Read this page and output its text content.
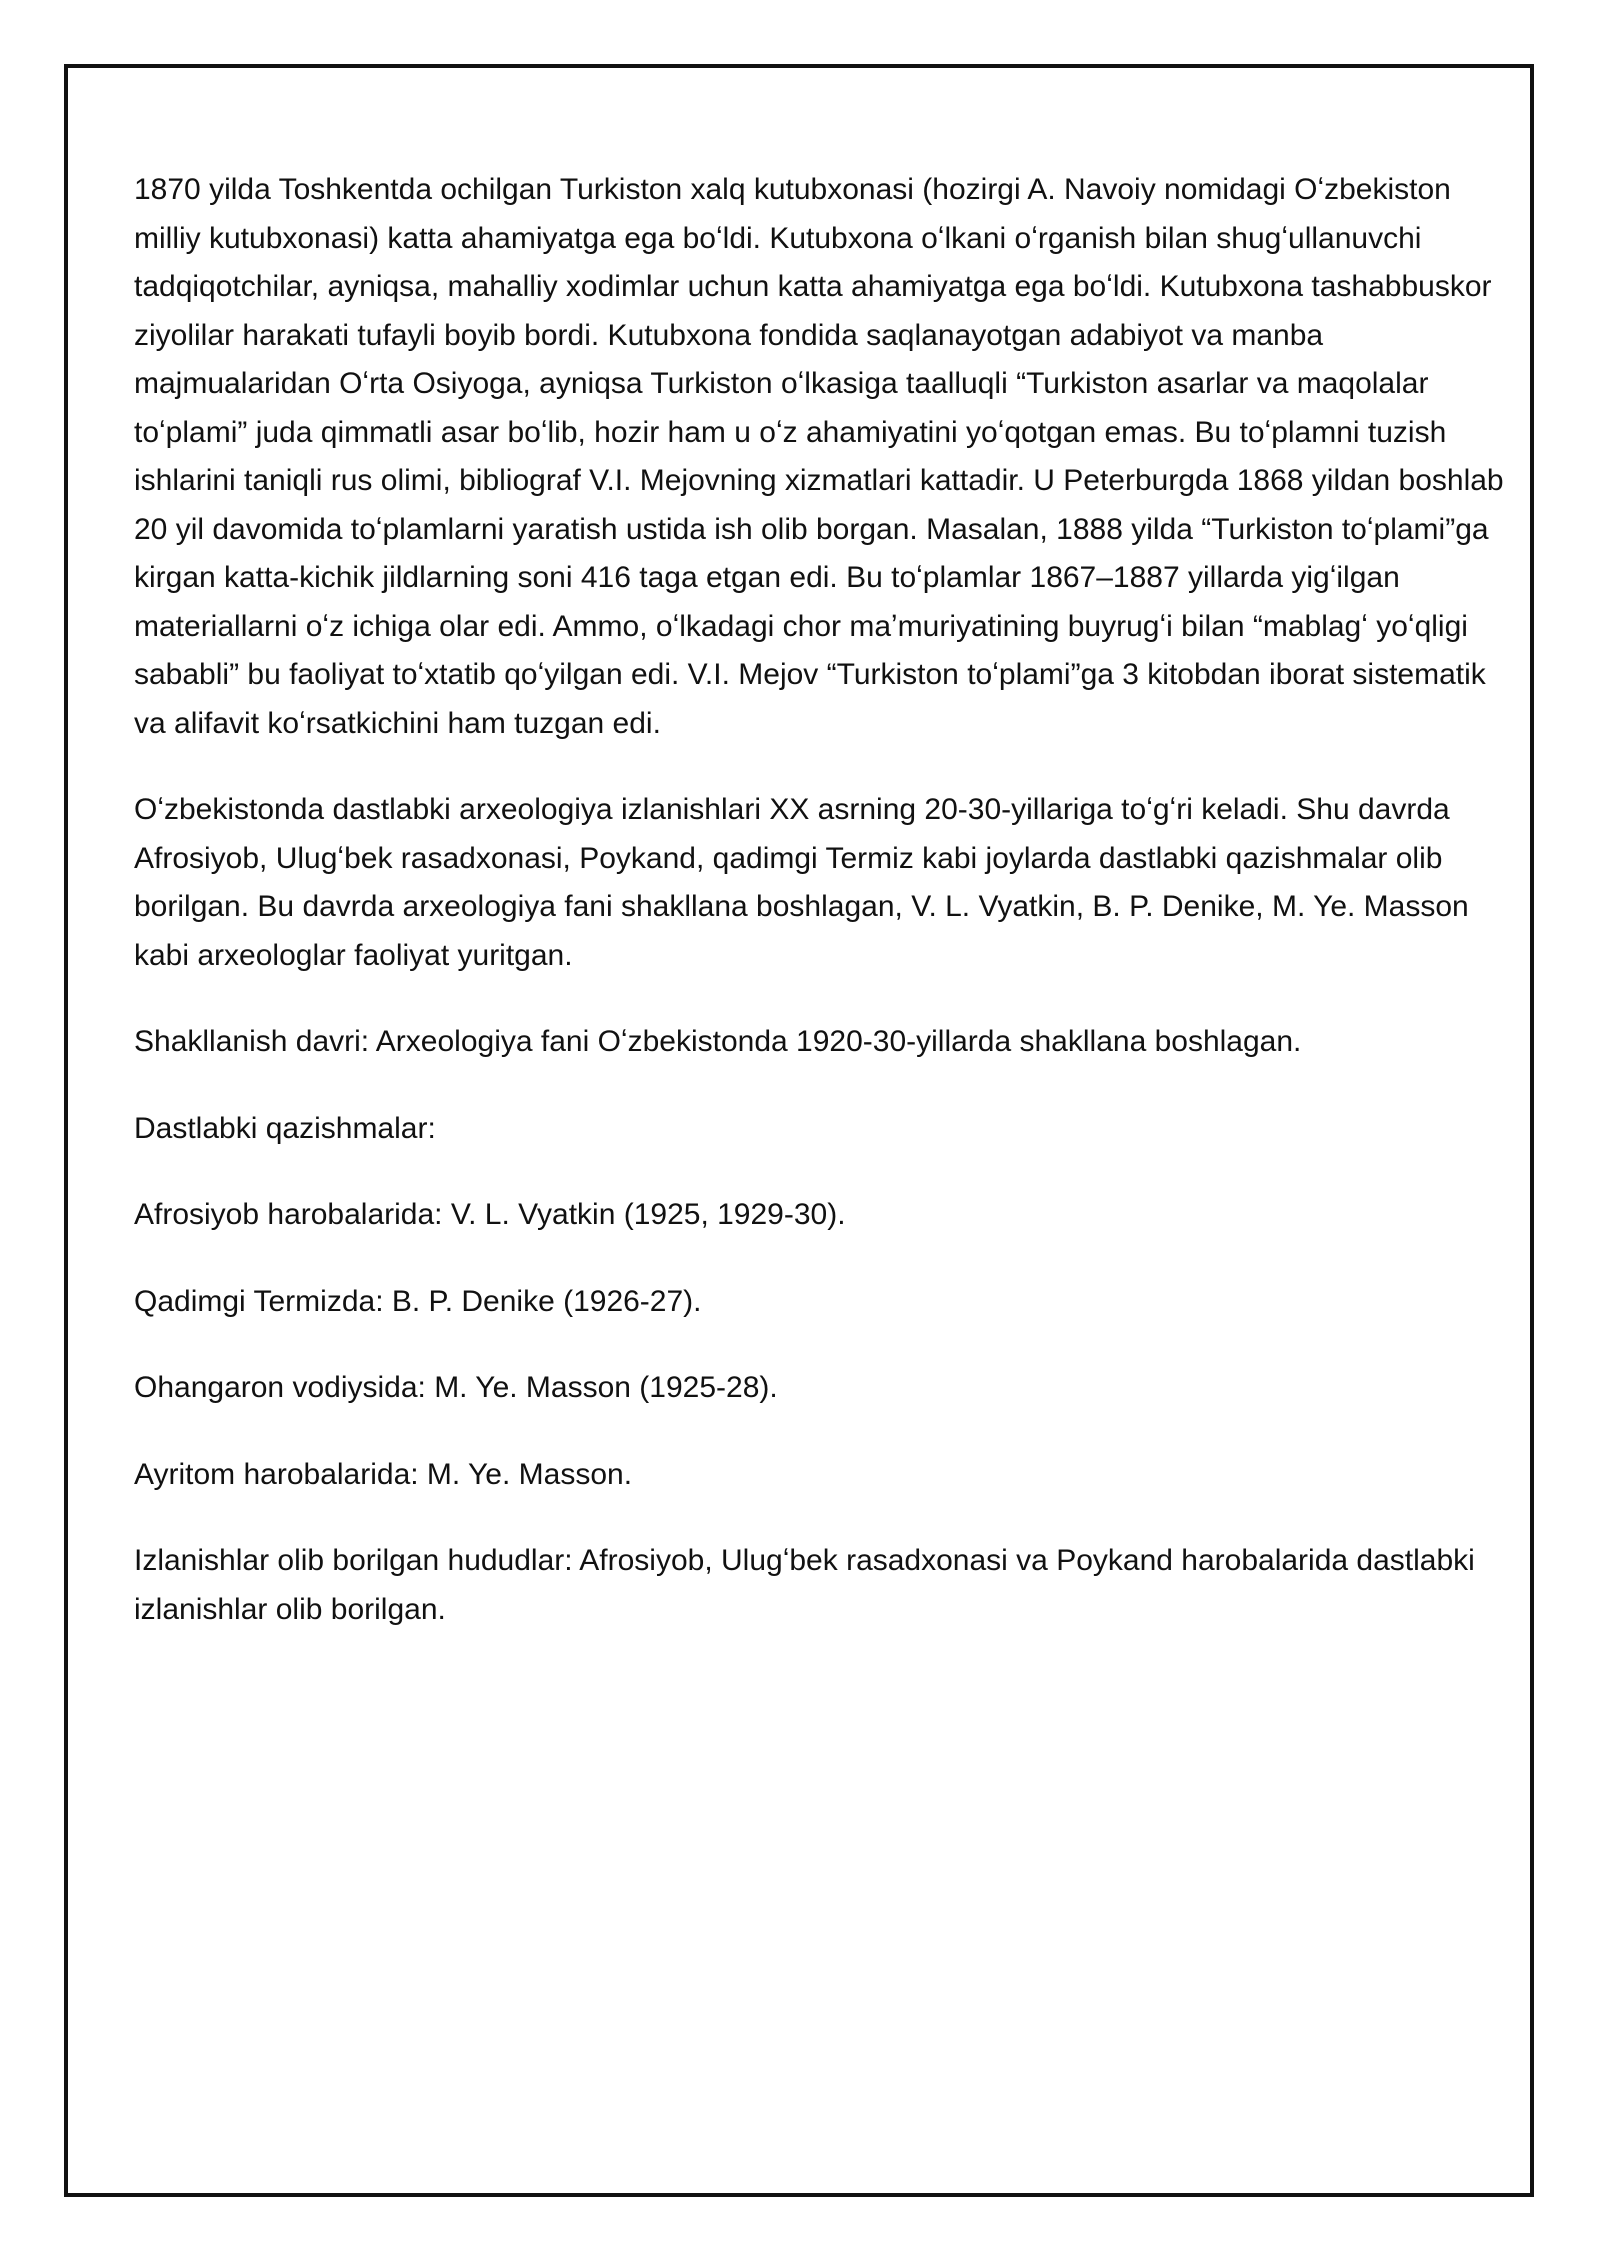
1870 yilda Toshkentda ochilgan Turkiston xalq kutubxonasi (hozirgi A. Navoiy nomidagi Oʻzbekiston milliy kutubxonasi) katta ahamiyatga ega boʻldi. Kutubxona oʻlkani oʻrganish bilan shugʻullanuvchi tadqiqotchilar, ayniqsa, mahalliy xodimlar uchun katta ahamiyatga ega boʻldi. Kutubxona tashabbuskor ziyolilar harakati tufayli boyib bordi. Kutubxona fondida saqlanayotgan adabiyot va manba majmualaridan Oʻrta Osiyoga, ayniqsa Turkiston oʻlkasiga taalluqli “Turkiston asarlar va maqolalar toʻplami” juda qimmatli asar boʻlib, hozir ham u oʻz ahamiyatini yoʻqotgan emas. Bu toʻplamni tuzish ishlarini taniqli rus olimi, bibliograf V.I. Mejovning xizmatlari kattadir. U Peterburgda 1868 yildan boshlab 20 yil davomida toʻplamlarni yaratish ustida ish olib borgan. Masalan, 1888 yilda “Turkiston toʻplami”ga kirgan katta-kichik jildlarning soni 416 taga etgan edi. Bu toʻplamlar 1867–1887 yillarda yigʻilgan materiallarni oʻz ichiga olar edi. Ammo, oʻlkadagi chor maʼmuriyatining buyrugʻi bilan “mablagʻ yoʻqligi sababli” bu faoliyat toʻxtatib qoʻyilgan edi. V.I. Mejov “Turkiston toʻplami”ga 3 kitobdan iborat sistematik va alifavit koʻrsatkichini ham tuzgan edi.

Oʻzbekistonda dastlabki arxeologiya izlanishlari XX asrning 20-30-yillariga toʻgʻri keladi. Shu davrda Afrosiyob, Ulugʻbek rasadxonasi, Poykand, qadimgi Termiz kabi joylarda dastlabki qazishmalar olib borilgan. Bu davrda arxeologiya fani shakllana boshlagan, V. L. Vyatkin, B. P. Denike, M. Ye. Masson kabi arxeologlar faoliyat yuritgan.

Shakllanish davri: Arxeologiya fani Oʻzbekistonda 1920-30-yillarda shakllana boshlagan.

Dastlabki qazishmalar:

Afrosiyob harobalarida: V. L. Vyatkin (1925, 1929-30).

Qadimgi Termizda: B. P. Denike (1926-27).

Ohangaron vodiysida: M. Ye. Masson (1925-28).

Ayritom harobalarida: M. Ye. Masson.

Izlanishlar olib borilgan hududlar: Afrosiyob, Ulugʻbek rasadxonasi va Poykand harobalarida dastlabki izlanishlar olib borilgan.
